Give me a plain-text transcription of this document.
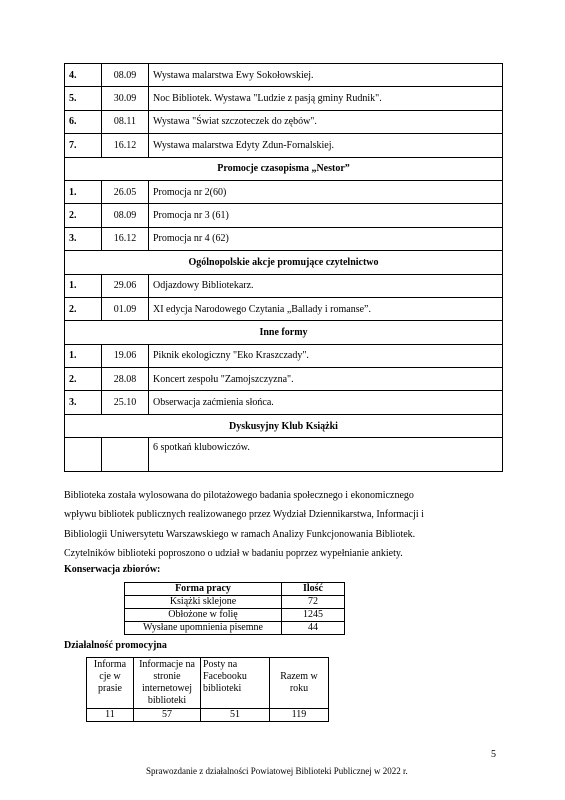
4.	08.09	Wystawa malarstwa Ewy Sokołowskiej.
5.	30.09	Noc Bibliotek. Wystawa "Ludzie z pasją gminy Rudnik".
6.	08.11	Wystawa "Świat szczoteczek do zębów".
7.	16.12	Wystawa malarstwa Edyty Zdun-Fornalskiej.
Promocje czasopisma „Nestor”		
1.	26.05	Promocja nr 2(60)
2.	08.09	Promocja nr 3 (61)
3.	16.12	Promocja nr 4 (62)
Ogólnopolskie akcje promujące czytelnictwo		
1.	29.06	Odjazdowy Bibliotekarz.
2.	01.09	XI edycja Narodowego Czytania „Ballady i romanse”.
Inne formy		
1.	19.06	Piknik ekologiczny "Eko Kraszczady".
2.	28.08	Koncert zespołu "Zamojszczyzna".
3.	25.10	Obserwacja zaćmienia słońca.
Dyskusyjny Klub Książki		
		6 spotkań klubowiczów.

Biblioteka została wylosowana do pilotażowego badania społecznego i ekonomicznego

wpływu bibliotek publicznych realizowanego przez Wydział Dziennikarstwa, Informacji i

Bibliologii Uniwersytetu Warszawskiego w ramach Analizy Funkcjonowania Bibliotek.

Czytelników biblioteki poproszono o udział w badaniu poprzez wypełnianie ankiety.

Konserwacja zbiorów:
Forma pracy	Ilość
Książki sklejone	72
Obłożone w folię	1245
Wysłane upomnienia pisemne	44
Działalność promocyjna
Informa
cje w
prasie	Informacje na
stronie
internetowej
biblioteki	Posty na
Facebooku
biblioteki	Razem w
roku
11	57	51	119
5
Sprawozdanie z działalności Powiatowej Biblioteki Publicznej w 2022 r.
